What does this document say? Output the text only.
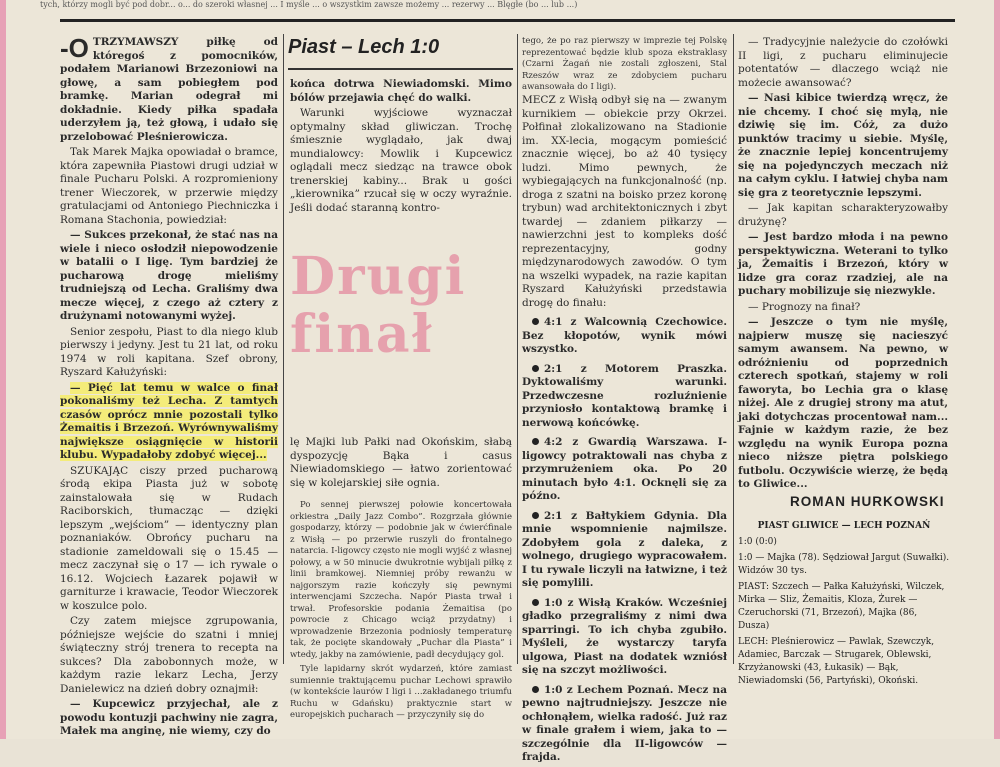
tych, którzy mogli być pod dobr... o... do szeroki własnej ... I myśle ... o wszystkim zawsze możemy ... rezerwy ... Blęgłe (bo ... lub ...)

-O TRZYMAWSZY piłkę od któregoś z pomocników, podałem Marianowi Brzezoniowi na głowę, a sam pobiegłem pod bramkę. Marian odegrał mi dokładnie. Kiedy piłka spadała uderzyłem ją, też głową, i udało się przelobować Pleśnierowicza.

Tak Marek Majka opowiadał o bramce, która zapewniła Piastowi drugi udział w finale Pucharu Polski. A rozpromieniony trener Wieczorek, w przerwie między gratulacjami od Antoniego Piechniczka i Romana Stachonia, powiedział:

— Sukces przekonał, że stać nas na wiele i nieco osłodził niepowodzenie w batalii o I ligę. Tym bardziej że pucharową drogę mieliśmy trudniejszą od Lecha. Graliśmy dwa mecze więcej, z czego aż cztery z drużynami notowanymi wyżej.

Senior zespołu, Piast to dla niego klub pierwszy i jedyny. Jest tu 21 lat, od roku 1974 w roli kapitana. Szef obrony, Ryszard Kałużyński:

— Pięć lat temu w walce o finał pokonaliśmy też Lecha. Z tamtych czasów oprócz mnie pozostali tylko Żemaitis i Brzezoń. Wyrównywaliśmy największe osiągnięcie w historii klubu. Wypadałoby zdobyć więcej...

SZUKAJĄC ciszy przed pucharową środą ekipa Piasta już w sobotę zainstalowała się w Rudach Raciborskich, tłumacząc — dzięki lepszym „wejściom” — identyczny plan poznaniaków. Obrońcy pucharu na stadionie zameldowali się o 15.45 — mecz zaczynał się o 17 — ich rywale o 16.12. Wojciech Łazarek pojawił w garniturze i krawacie, Teodor Wieczorek w koszulce polo.

Czy zatem miejsce zgrupowania, późniejsze wejście do szatni i mniej świąteczny strój trenera to recepta na sukces? Dla zabobonnych może, w każdym razie lekarz Lecha, Jerzy Danielewicz na dzień dobry oznajmił:

— Kupcewicz przyjechał, ale z powodu kontuzji pachwiny nie zagra, Małek ma anginę, nie wiemy, czy do

Piast – Lech 1:0

końca dotrwa Niewiadomski. Mimo bólów przejawia chęć do walki.

Warunki wyjściowe wyznaczał optymalny skład gliwiczan. Trochę śmiesznie wyglądało, jak dwaj mundialowcy: Mowlik i Kupcewicz oglądali mecz siedząc na trawce obok trenerskiej kabiny... Brak u gości „kierownika” rzucał się w oczy wyraźnie. Jeśli dodać staranną kontro-

Drugi finał

lę Majki lub Pałki nad Okońskim, słabą dyspozycję Bąka i casus Niewiadomskiego — łatwo zorientować się w kolejarskiej siłe ognia.

Po sennej pierwszej połowie koncertowała orkiestra „Daily Jazz Combo”. Rozgrzała głównie gospodarzy, którzy — podobnie jak w ćwierćfinale z Wisłą — po przerwie ruszyli do frontalnego natarcia. I-ligowcy często nie mogli wyjść z własnej połowy, a w 50 minucie dwukrotnie wybijali piłkę z linii bramkowej. Niemniej próby rewanżu w najgorszym razie kończyły się pewnymi interwencjami Szczecha. Napór Piasta trwał i trwał. Profesorskie podania Żemaitisa (po powrocie z Chicago wciąż przydatny) i wprowadzenie Brzezonia podniosły temperaturę tak, że pocięte skandowały „Puchar dla Piasta” i wtedy, jakby na zamówienie, padł decydujący gol.

Tyle lapidarny skrót wydarzeń, które zamiast sumiennie traktującemu puchar Lechowi sprawiło (w kontekście laurów I ligi i ...zakładanego triumfu Ruchu w Gdańsku) praktycznie start w europejskich pucharach — przyczyniły się do

tego, że po raz pierwszy w imprezie tej Polskę reprezentować będzie klub spoza ekstraklasy (Czarni Żagań nie zostali zgłoszeni, Stal Rzeszów wraz ze zdobyciem pucharu awansowała do I ligi).

MECZ z Wisłą odbył się na — zwanym kurnikiem — obiekcie przy Okrzei. Połfinał zlokalizowano na Stadionie im. XX-lecia, mogącym pomieścić znacznie więcej, bo aż 40 tysięcy ludzi. Mimo pewnych, że wybiegających na funkcjonalność (np. droga z szatni na boisko przez koronę trybun) wad architektonicznych i zbyt twardej — zdaniem piłkarzy — nawierzchni jest to kompleks dość reprezentacyjny, godny międzynarodowych zawodów. O tym na wszelki wypadek, na razie kapitan Ryszard Kałużyński przedstawia drogę do finału:

4:1 z Walcownią Czechowice. Bez kłopotów, wynik mówi wszystko.

2:1 z Motorem Praszka. Dyktowaliśmy warunki. Przedwczesne rozluźnienie przyniosło kontaktową bramkę i nerwową końcówkę.

4:2 z Gwardią Warszawa. I-ligowcy potraktowali nas chyba z przymrużeniem oka. Po 20 minutach było 4:1. Ocknęli się za późno.

2:1 z Bałtykiem Gdynia. Dla mnie wspomnienie najmilsze. Zdobyłem gola z daleka, z wolnego, drugiego wypracowałem. I tu rywale liczyli na łatwizne, i też się pomylili.

1:0 z Wisłą Kraków. Wcześniej gładko przegraliśmy z nimi dwa sparringi. To ich chyba zgubiło. Myśleli, że wystarczy taryfa ulgowa, Piast na dodatek wzniósł się na szczyt możliwości.

1:0 z Lechem Poznań. Mecz na pewno najtrudniejszy. Jeszcze nie ochłonąłem, wielka radość. Już raz w finale grałem i wiem, jaka to — szczególnie dla II-ligowców — frajda.

— Tradycyjnie należycie do czołówki II ligi, z pucharu eliminujecie potentatów — dlaczego wciąż nie możecie awansować?

— Nasi kibice twierdzą wręcz, że nie chcemy. I choć się mylą, nie dziwię się im. Cóż, za dużo punktów tracimy u siebie. Myślę, że znacznie lepiej koncentrujemy się na pojedynczych meczach niż na całym cyklu. I łatwiej chyba nam się gra z teoretycznie lepszymi.

— Jak kapitan scharakteryzowałby drużynę?

— Jest bardzo młoda i na pewno perspektywiczna. Weterani to tylko ja, Żemaitis i Brzezoń, który w lidze gra coraz rzadziej, ale na puchary mobilizuje się niezwykle.

— Prognozy na finał?

— Jeszcze o tym nie myślę, najpierw muszę się nacieszyć samym awansem. Na pewno, w odróżnieniu od poprzednich czterech spotkań, stajemy w roli faworyta, bo Lechia gra o klasę niżej. Ale z drugiej strony ma atut, jaki dotychczas procentował nam... Fajnie w każdym razie, że bez względu na wynik Europa pozna nieco niższe piętra polskiego futbolu. Oczywiście wierzę, że będą to Gliwice...

ROMAN HURKOWSKI

PIAST GLIWICE — LECH POZNAŃ

1:0 (0:0)

1:0 — Majka (78). Sędziował Jargut (Suwałki). Widzów 30 tys.

PIAST: Szczech — Pałka Kałużyński, Wilczek, Mirka — Sliz, Żemaitis, Kloza, Żurek — Czeruchorski (71, Brzezoń), Majka (86, Dusza)

LECH: Pleśnierowicz — Pawlak, Szewczyk, Adamiec, Barczak — Strugarek, Oblewski, Krzyżanowski (43, Łukasik) — Bąk, Niewiadomski (56, Partyński), Okoński.
